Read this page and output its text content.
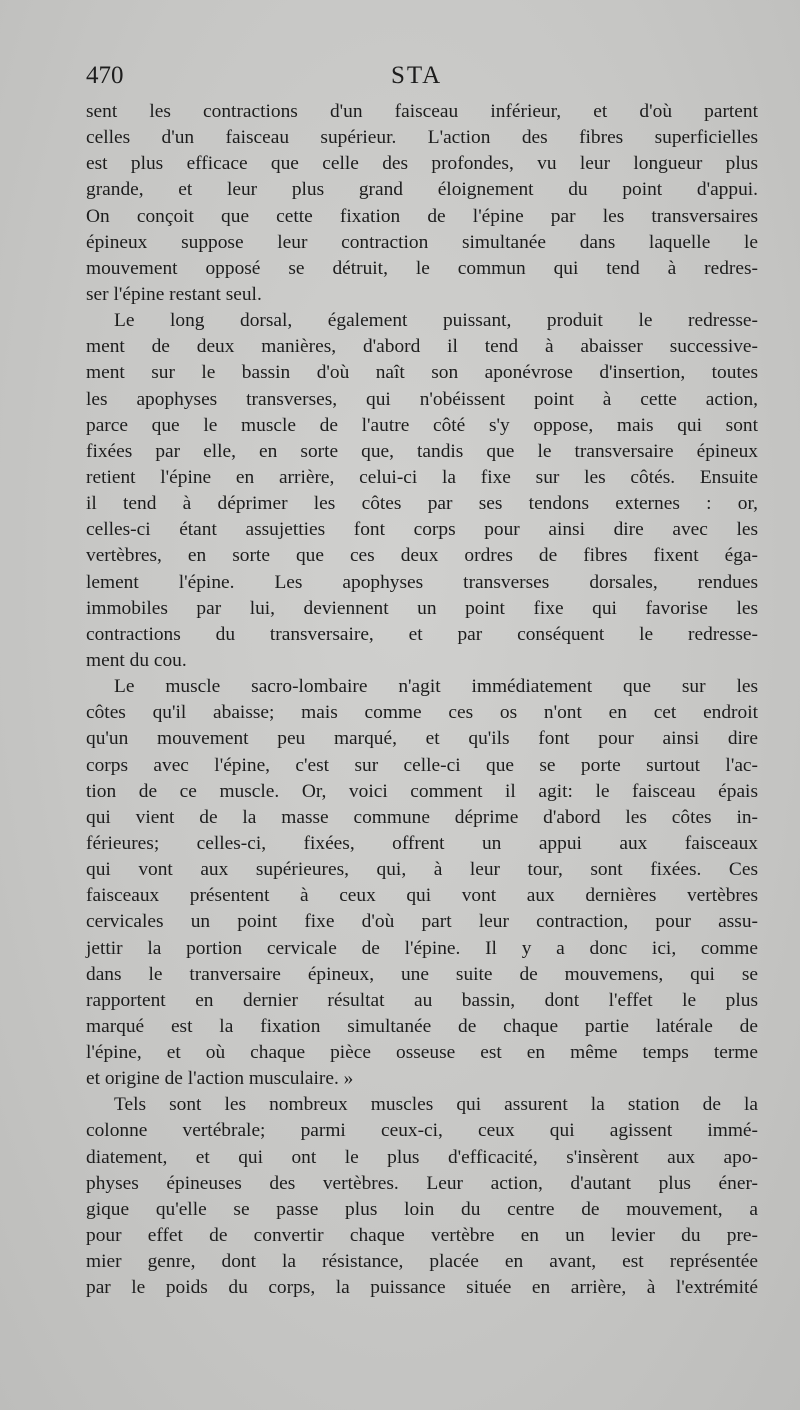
470	STA
sent les contractions d'un faisceau inférieur, et d'où partent
celles d'un faisceau supérieur. L'action des fibres superficielles
est plus efficace que celle des profondes, vu leur longueur plus
grande, et leur plus grand éloignement du point d'appui.
On conçoit que cette fixation de l'épine par les transversaires
épineux suppose leur contraction simultanée dans laquelle le
mouvement opposé se détruit, le commun qui tend à redres-
ser l'épine restant seul.
Le long dorsal, également puissant, produit le redresse-
ment de deux manières, d'abord il tend à abaisser successive-
ment sur le bassin d'où naît son aponévrose d'insertion, toutes
les apophyses transverses, qui n'obéissent point à cette action,
parce que le muscle de l'autre côté s'y oppose, mais qui sont
fixées par elle, en sorte que, tandis que le transversaire épineux
retient l'épine en arrière, celui-ci la fixe sur les côtés. Ensuite
il tend à déprimer les côtes par ses tendons externes : or,
celles-ci étant assujetties font corps pour ainsi dire avec les
vertèbres, en sorte que ces deux ordres de fibres fixent éga-
lement l'épine. Les apophyses transverses dorsales, rendues
immobiles par lui, deviennent un point fixe qui favorise les
contractions du transversaire, et par conséquent le redresse-
ment du cou.
Le muscle sacro-lombaire n'agit immédiatement que sur les
côtes qu'il abaisse; mais comme ces os n'ont en cet endroit
qu'un mouvement peu marqué, et qu'ils font pour ainsi dire
corps avec l'épine, c'est sur celle-ci que se porte surtout l'ac-
tion de ce muscle. Or, voici comment il agit: le faisceau épais
qui vient de la masse commune déprime d'abord les côtes in-
férieures; celles-ci, fixées, offrent un appui aux faisceaux
qui vont aux supérieures, qui, à leur tour, sont fixées. Ces
faisceaux présentent à ceux qui vont aux dernières vertèbres
cervicales un point fixe d'où part leur contraction, pour assu-
jettir la portion cervicale de l'épine. Il y a donc ici, comme
dans le tranversaire épineux, une suite de mouvemens, qui se
rapportent en dernier résultat au bassin, dont l'effet le plus
marqué est la fixation simultanée de chaque partie latérale de
l'épine, et où chaque pièce osseuse est en même temps terme
et origine de l'action musculaire. »
Tels sont les nombreux muscles qui assurent la station de la
colonne vertébrale; parmi ceux-ci, ceux qui agissent immé-
diatement, et qui ont le plus d'efficacité, s'insèrent aux apo-
physes épineuses des vertèbres. Leur action, d'autant plus éner-
gique qu'elle se passe plus loin du centre de mouvement, a
pour effet de convertir chaque vertèbre en un levier du pre-
mier genre, dont la résistance, placée en avant, est représentée
par le poids du corps, la puissance située en arrière, à l'extrémité
